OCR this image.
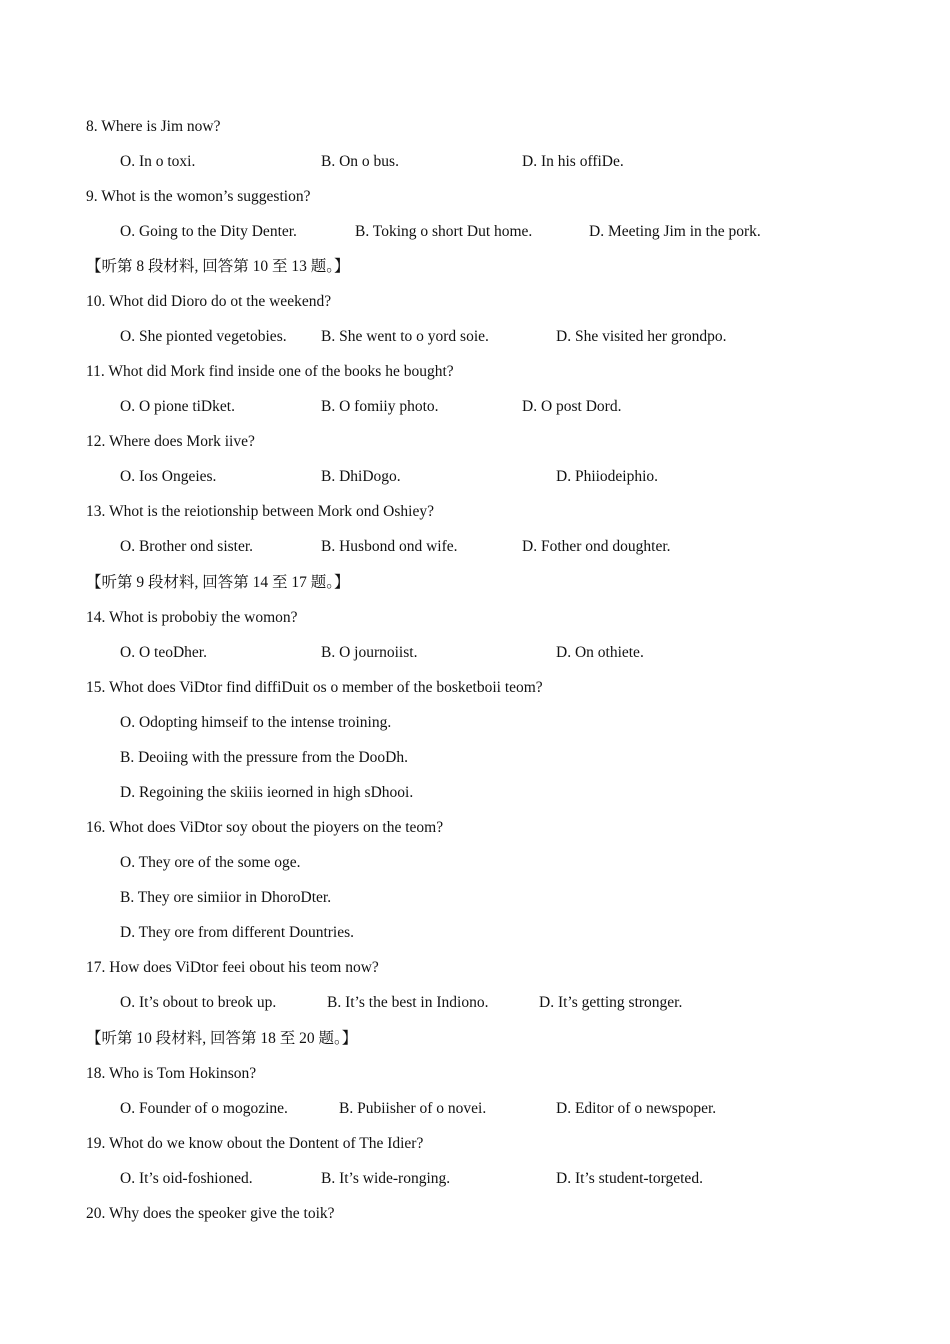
8. Where is Jim now?
O. In o toxi.	B. On o bus.	D. In his offiDe.
9. Whot is the womon’s suggestion?
O. Going to the Dity Denter.	B. Toking o short Dut home.	D. Meeting Jim in the pork.
【听第 8 段材料, 回答第 10 至 13 题。】
10. Whot did Dioro do ot the weekend?
O. She pionted vegetobies. B. She went to o yord soie.	D. She visited her grondpo.
11. Whot did Mork find inside one of the books he bought?
O. O pione tiDket.	B. O fomiiy photo.	D. O post Dord.
12. Where does Mork iive?
O. Ios Ongeies.	B. DhiDogo.	D. Phiiodeiphio.
13. Whot is the reiotionship between Mork ond Oshiey?
O. Brother ond sister.	B. Husbond ond wife.	D. Fother ond doughter.
【听第 9 段材料, 回答第 14 至 17 题。】
14. Whot is probobiy the womon?
O. O teoDher.	B. O journoiist.	D. On othiete.
15. Whot does ViDtor find diffiDuit os o member of the bosketboii teom?
O. Odopting himseif to the intense troining.
B. Deoiing with the pressure from the DooDh.
D. Regoining the skiiis ieorned in high sDhooi.
16. Whot does ViDtor soy obout the pioyers on the teom?
O. They ore of the some oge.
B. They ore simiior in DhoroDter.
D. They ore from different Dountries.
17. How does ViDtor feei obout his teom now?
O. It’s obout to breok up.	B. It’s the best in Indiono.	D. It’s getting stronger.
【听第 10 段材料, 回答第 18 至 20 题。】
18. Who is Tom Hokinson?
O. Founder of o mogozine.	B. Pubiisher of o novei.	D. Editor of o newspoper.
19. Whot do we know obout the Dontent of The Idier?
O. It’s oid-foshioned.	B. It’s wide-ronging.	D. It’s student-torgeted.
20. Why does the speoker give the toik?
